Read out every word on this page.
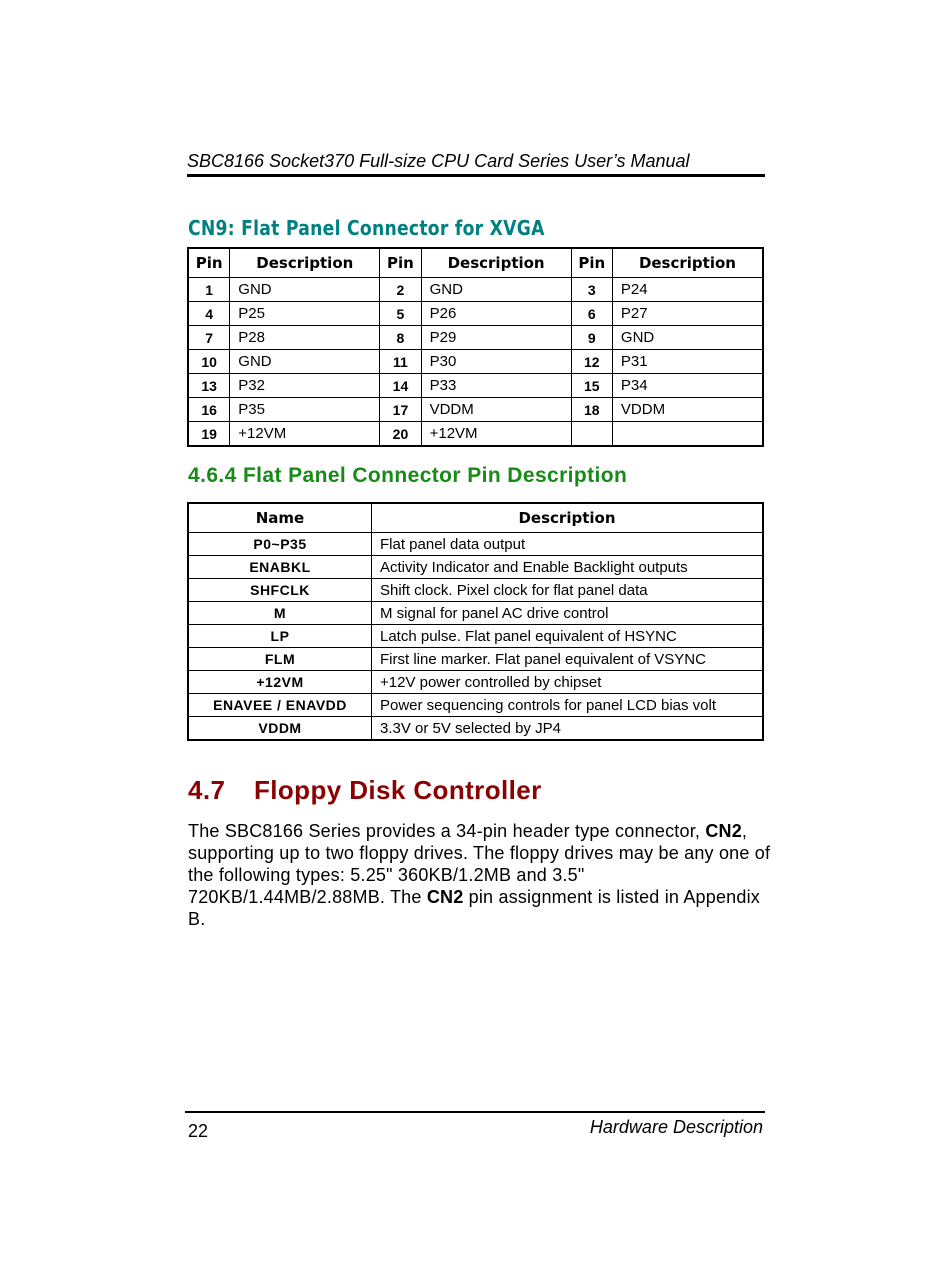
SBC8166 Socket370 Full-size CPU Card Series User’s Manual
CN9: Flat Panel Connector for XVGA
Pin	Description	Pin	Description	Pin	Description
1	GND	2	GND	3	P24
4	P25	5	P26	6	P27
7	P28	8	P29	9	GND
10	GND	11	P30	12	P31
13	P32	14	P33	15	P34
16	P35	17	VDDM	18	VDDM
19	+12VM	20	+12VM		
4.6.4 Flat Panel Connector Pin Description
Name	Description
P0~P35	Flat panel data output
ENABKL	Activity Indicator and Enable Backlight outputs
SHFCLK	Shift clock. Pixel clock for flat panel data
M	M signal for panel AC drive control
LP	Latch pulse. Flat panel equivalent of HSYNC
FLM	First line marker. Flat panel equivalent of VSYNC
+12VM	+12V power controlled by chipset
ENAVEE / ENAVDD	Power sequencing controls for panel LCD bias volt
VDDM	3.3V or 5V selected by JP4
4.7 Floppy Disk Controller
The SBC8166 Series provides a 34-pin header type connector, CN2, supporting up to two floppy drives. The floppy drives may be any one of the following types: 5.25" 360KB/1.2MB and 3.5" 720KB/1.44MB/2.88MB. The CN2 pin assignment is listed in Appendix B.
22	Hardware Description
